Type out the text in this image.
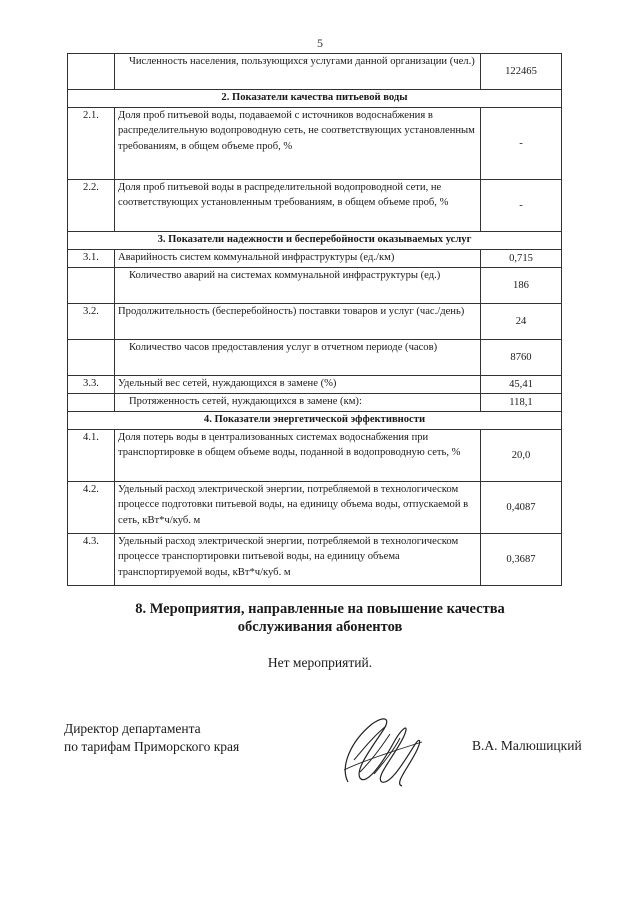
5
	Численность населения, пользующихся услугами данной организации (чел.)	122465
2. Показатели качества питьевой воды		
2.1.	Доля проб питьевой воды, подаваемой с источников водоснабжения в распределительную водопроводную сеть, не соответствующих установленным требованиям, в общем объеме проб, %	-
2.2.	Доля проб питьевой воды в распределительной водопроводной сети, не соответствующих установленным требованиям, в общем объеме проб, %	-
3. Показатели надежности и бесперебойности оказываемых услуг		
3.1.	Аварийность систем коммунальной инфраструктуры (ед./км)	0,715
	Количество аварий на системах коммунальной инфраструктуры (ед.)	186
3.2.	Продолжительность (бесперебойность) поставки товаров и услуг (час./день)	24
	Количество часов предоставления услуг в отчетном периоде (часов)	8760
3.3.	Удельный вес сетей, нуждающихся в замене (%)	45,41
	Протяженность сетей, нуждающихся в замене (км):	118,1
4. Показатели энергетической эффективности		
4.1.	Доля потерь воды в централизованных системах водоснабжения при транспортировке в общем объеме воды, поданной в водопроводную сеть, %	20,0
4.2.	Удельный расход электрической энергии, потребляемой в технологическом процессе подготовки питьевой воды, на единицу объема воды, отпускаемой в сеть, кВт*ч/куб. м	0,4087
4.3.	Удельный расход электрической энергии, потребляемой в технологическом процессе транспортировки питьевой воды, на единицу объема транспортируемой воды, кВт*ч/куб. м	0,3687
8. Мероприятия, направленные на повышение качества
обслуживания абонентов
Нет мероприятий.
Директор департамента
по тарифам Приморского края	В.А. Малюшицкий
